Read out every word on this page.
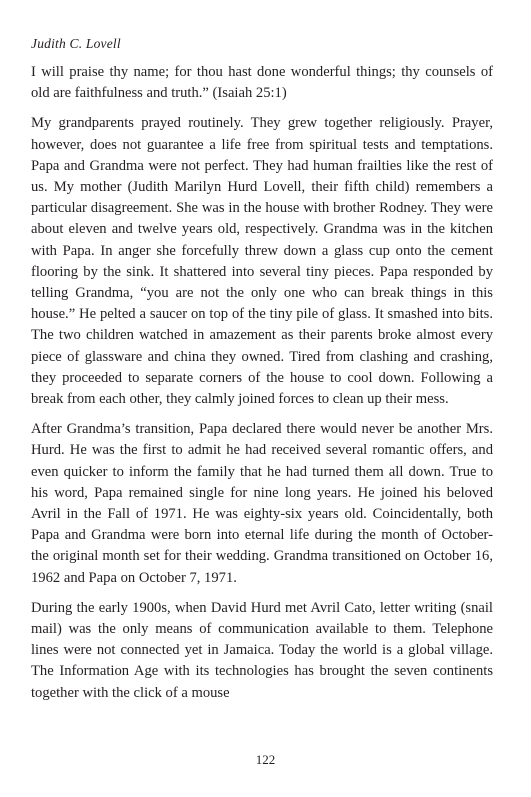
Judith C. Lovell

I will praise thy name; for thou hast done wonderful things; thy counsels of old are faithfulness and truth.” (Isaiah 25:1)

My grandparents prayed routinely. They grew together religiously. Prayer, however, does not guarantee a life free from spiritual tests and temptations. Papa and Grandma were not perfect. They had human frailties like the rest of us. My mother (Judith Marilyn Hurd Lovell, their fifth child) remembers a particular disagreement. She was in the house with brother Rodney. They were about eleven and twelve years old, respectively. Grandma was in the kitchen with Papa. In anger she forcefully threw down a glass cup onto the cement flooring by the sink. It shattered into several tiny pieces. Papa responded by telling Grandma, “you are not the only one who can break things in this house.” He pelted a saucer on top of the tiny pile of glass. It smashed into bits. The two children watched in amazement as their parents broke almost every piece of glassware and china they owned. Tired from clashing and crashing, they proceeded to separate corners of the house to cool down. Following a break from each other, they calmly joined forces to clean up their mess.

After Grandma’s transition, Papa declared there would never be another Mrs. Hurd. He was the first to admit he had received several romantic offers, and even quicker to inform the family that he had turned them all down. True to his word, Papa remained single for nine long years. He joined his beloved Avril in the Fall of 1971. He was eighty-six years old. Coincidentally, both Papa and Grandma were born into eternal life during the month of October- the original month set for their wedding. Grandma transitioned on October 16, 1962 and Papa on October 7, 1971.

During the early 1900s, when David Hurd met Avril Cato, letter writing (snail mail) was the only means of communication available to them. Telephone lines were not connected yet in Jamaica. Today the world is a global village. The Information Age with its technologies has brought the seven continents together with the click of a mouse

122
